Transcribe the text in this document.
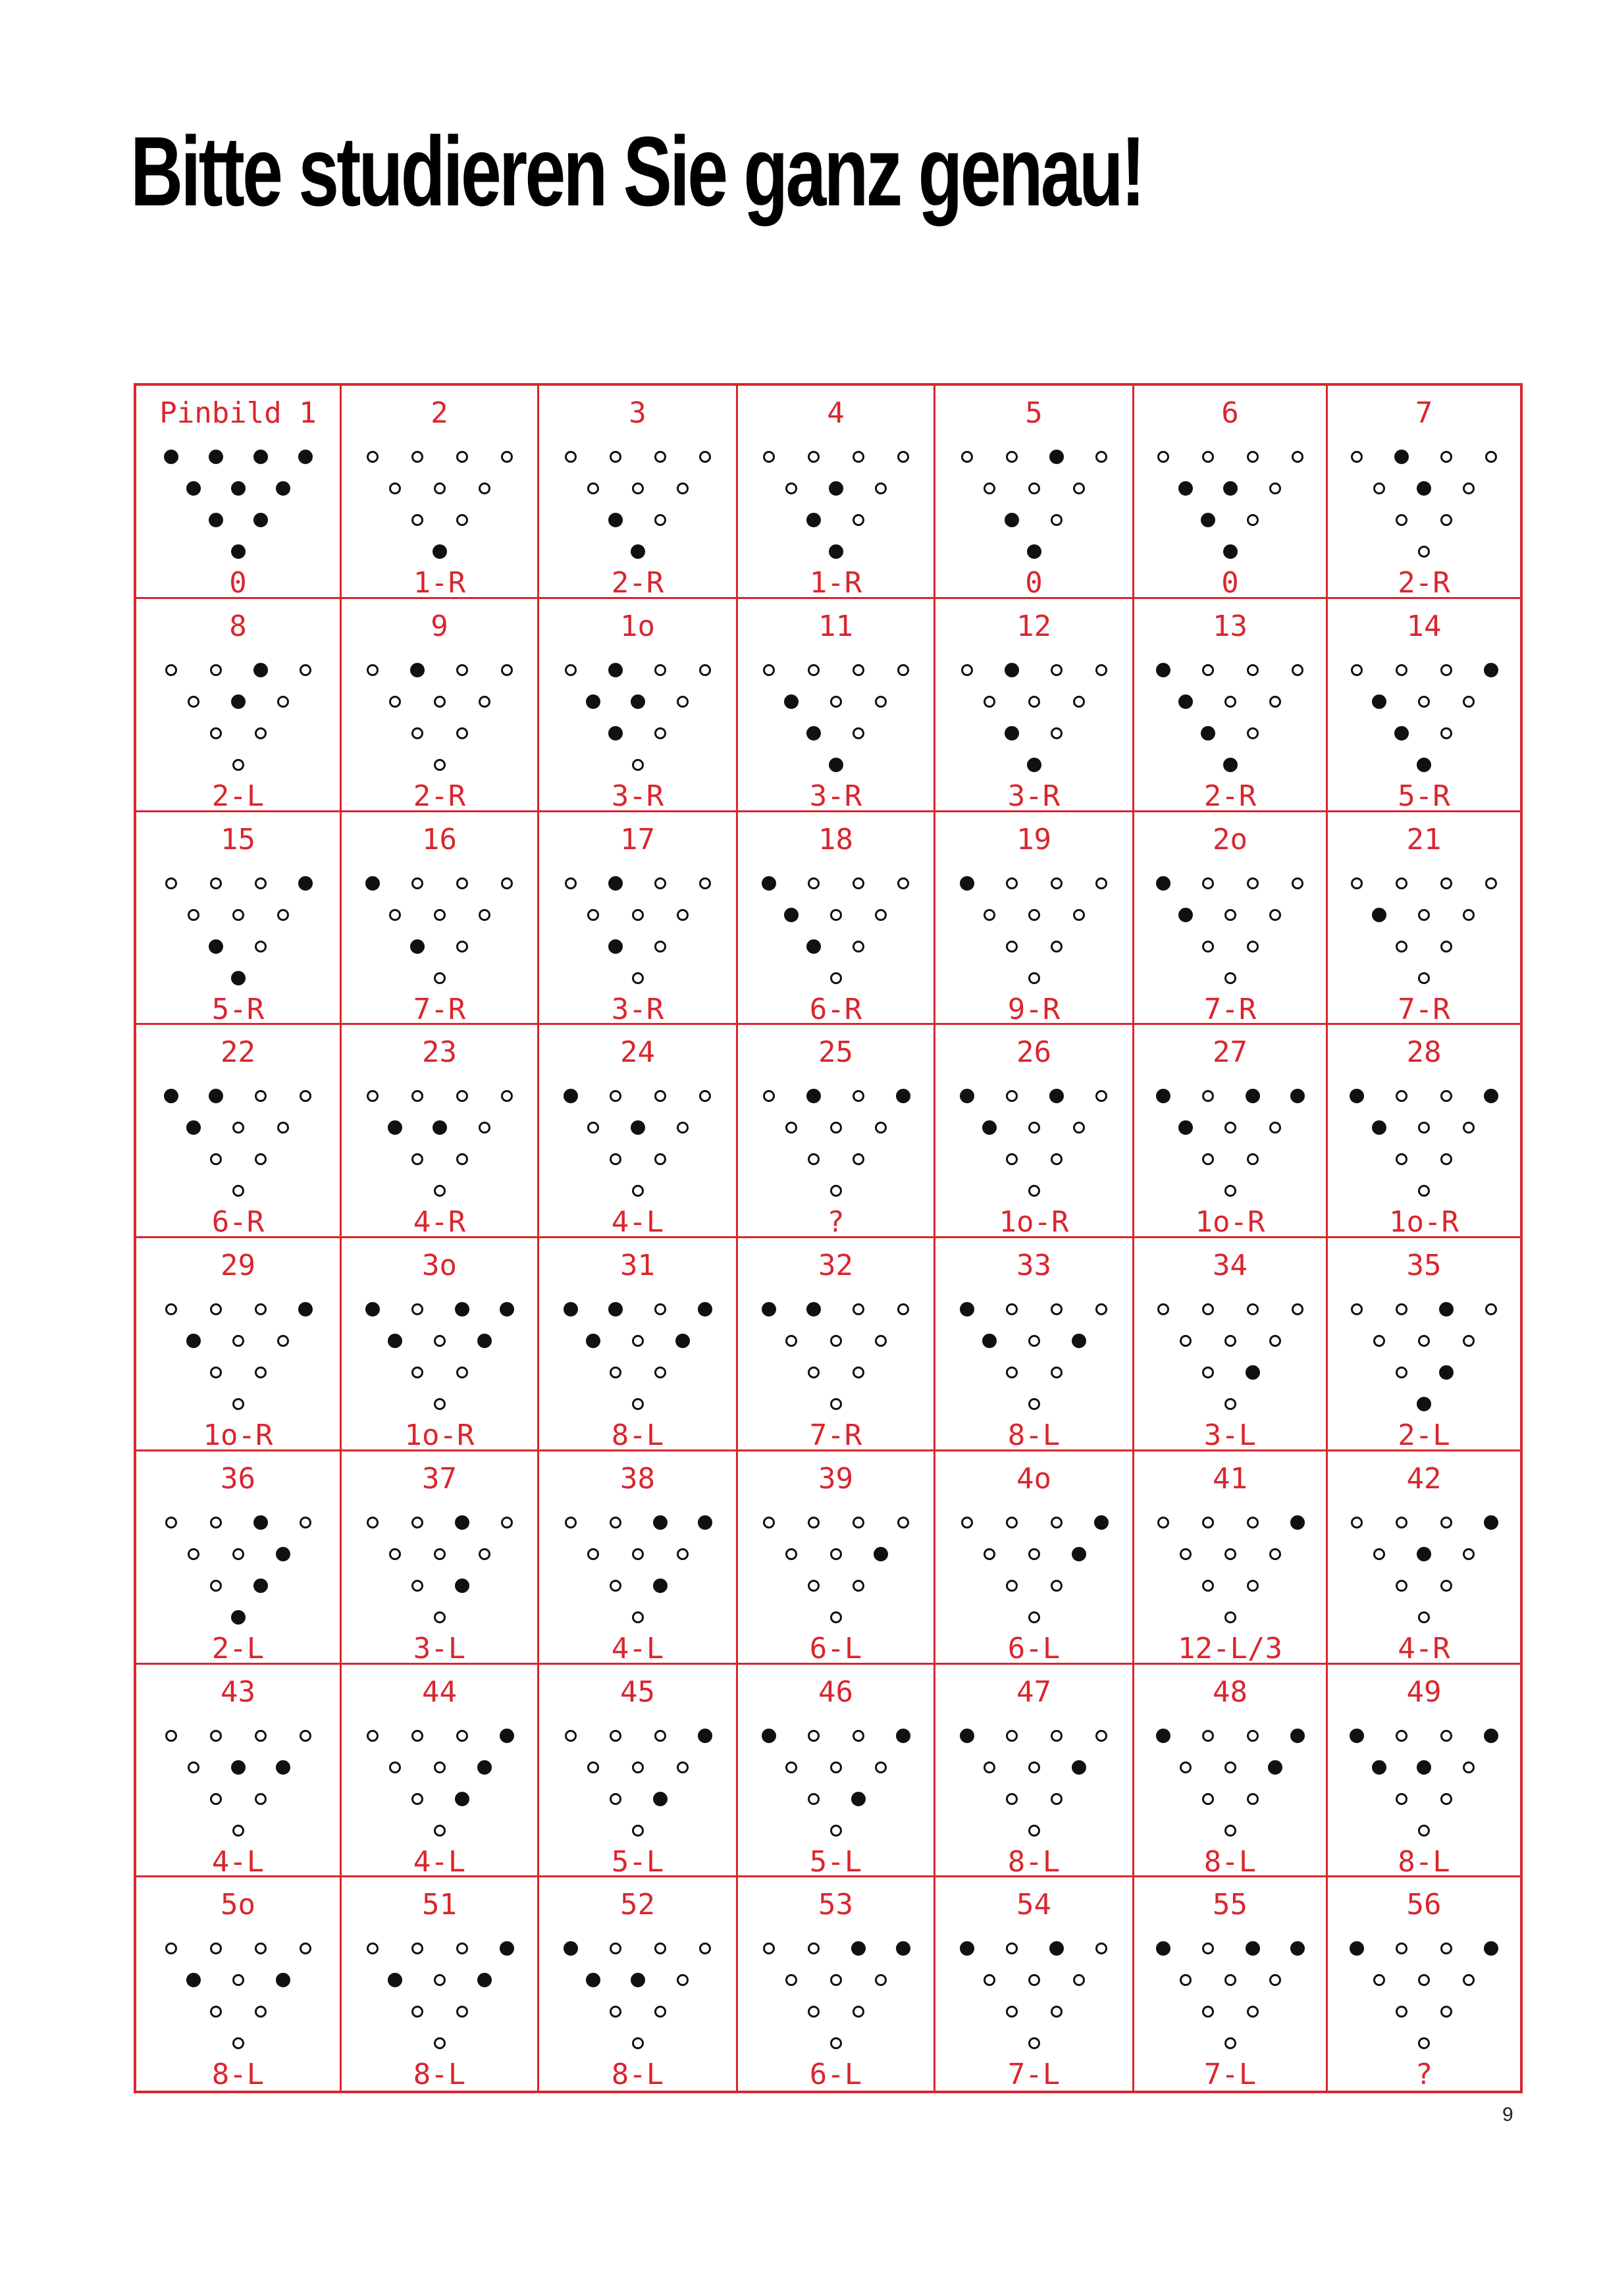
Bitte studieren Sie ganz genau!
Pinbild 1
0
2
1-R
3
2-R
4
1-R
5
0
6
0
7
2-R
8
2-L
9
2-R
1o
3-R
11
3-R
12
3-R
13
2-R
14
5-R
15
5-R
16
7-R
17
3-R
18
6-R
19
9-R
2o
7-R
21
7-R
22
6-R
23
4-R
24
4-L
25
?
26
1o-R
27
1o-R
28
1o-R
29
1o-R
3o
1o-R
31
8-L
32
7-R
33
8-L
34
3-L
35
2-L
36
2-L
37
3-L
38
4-L
39
6-L
4o
6-L
41
12-L/3
42
4-R
43
4-L
44
4-L
45
5-L
46
5-L
47
8-L
48
8-L
49
8-L
5o
8-L
51
8-L
52
8-L
53
6-L
54
7-L
55
7-L
56
?
9
